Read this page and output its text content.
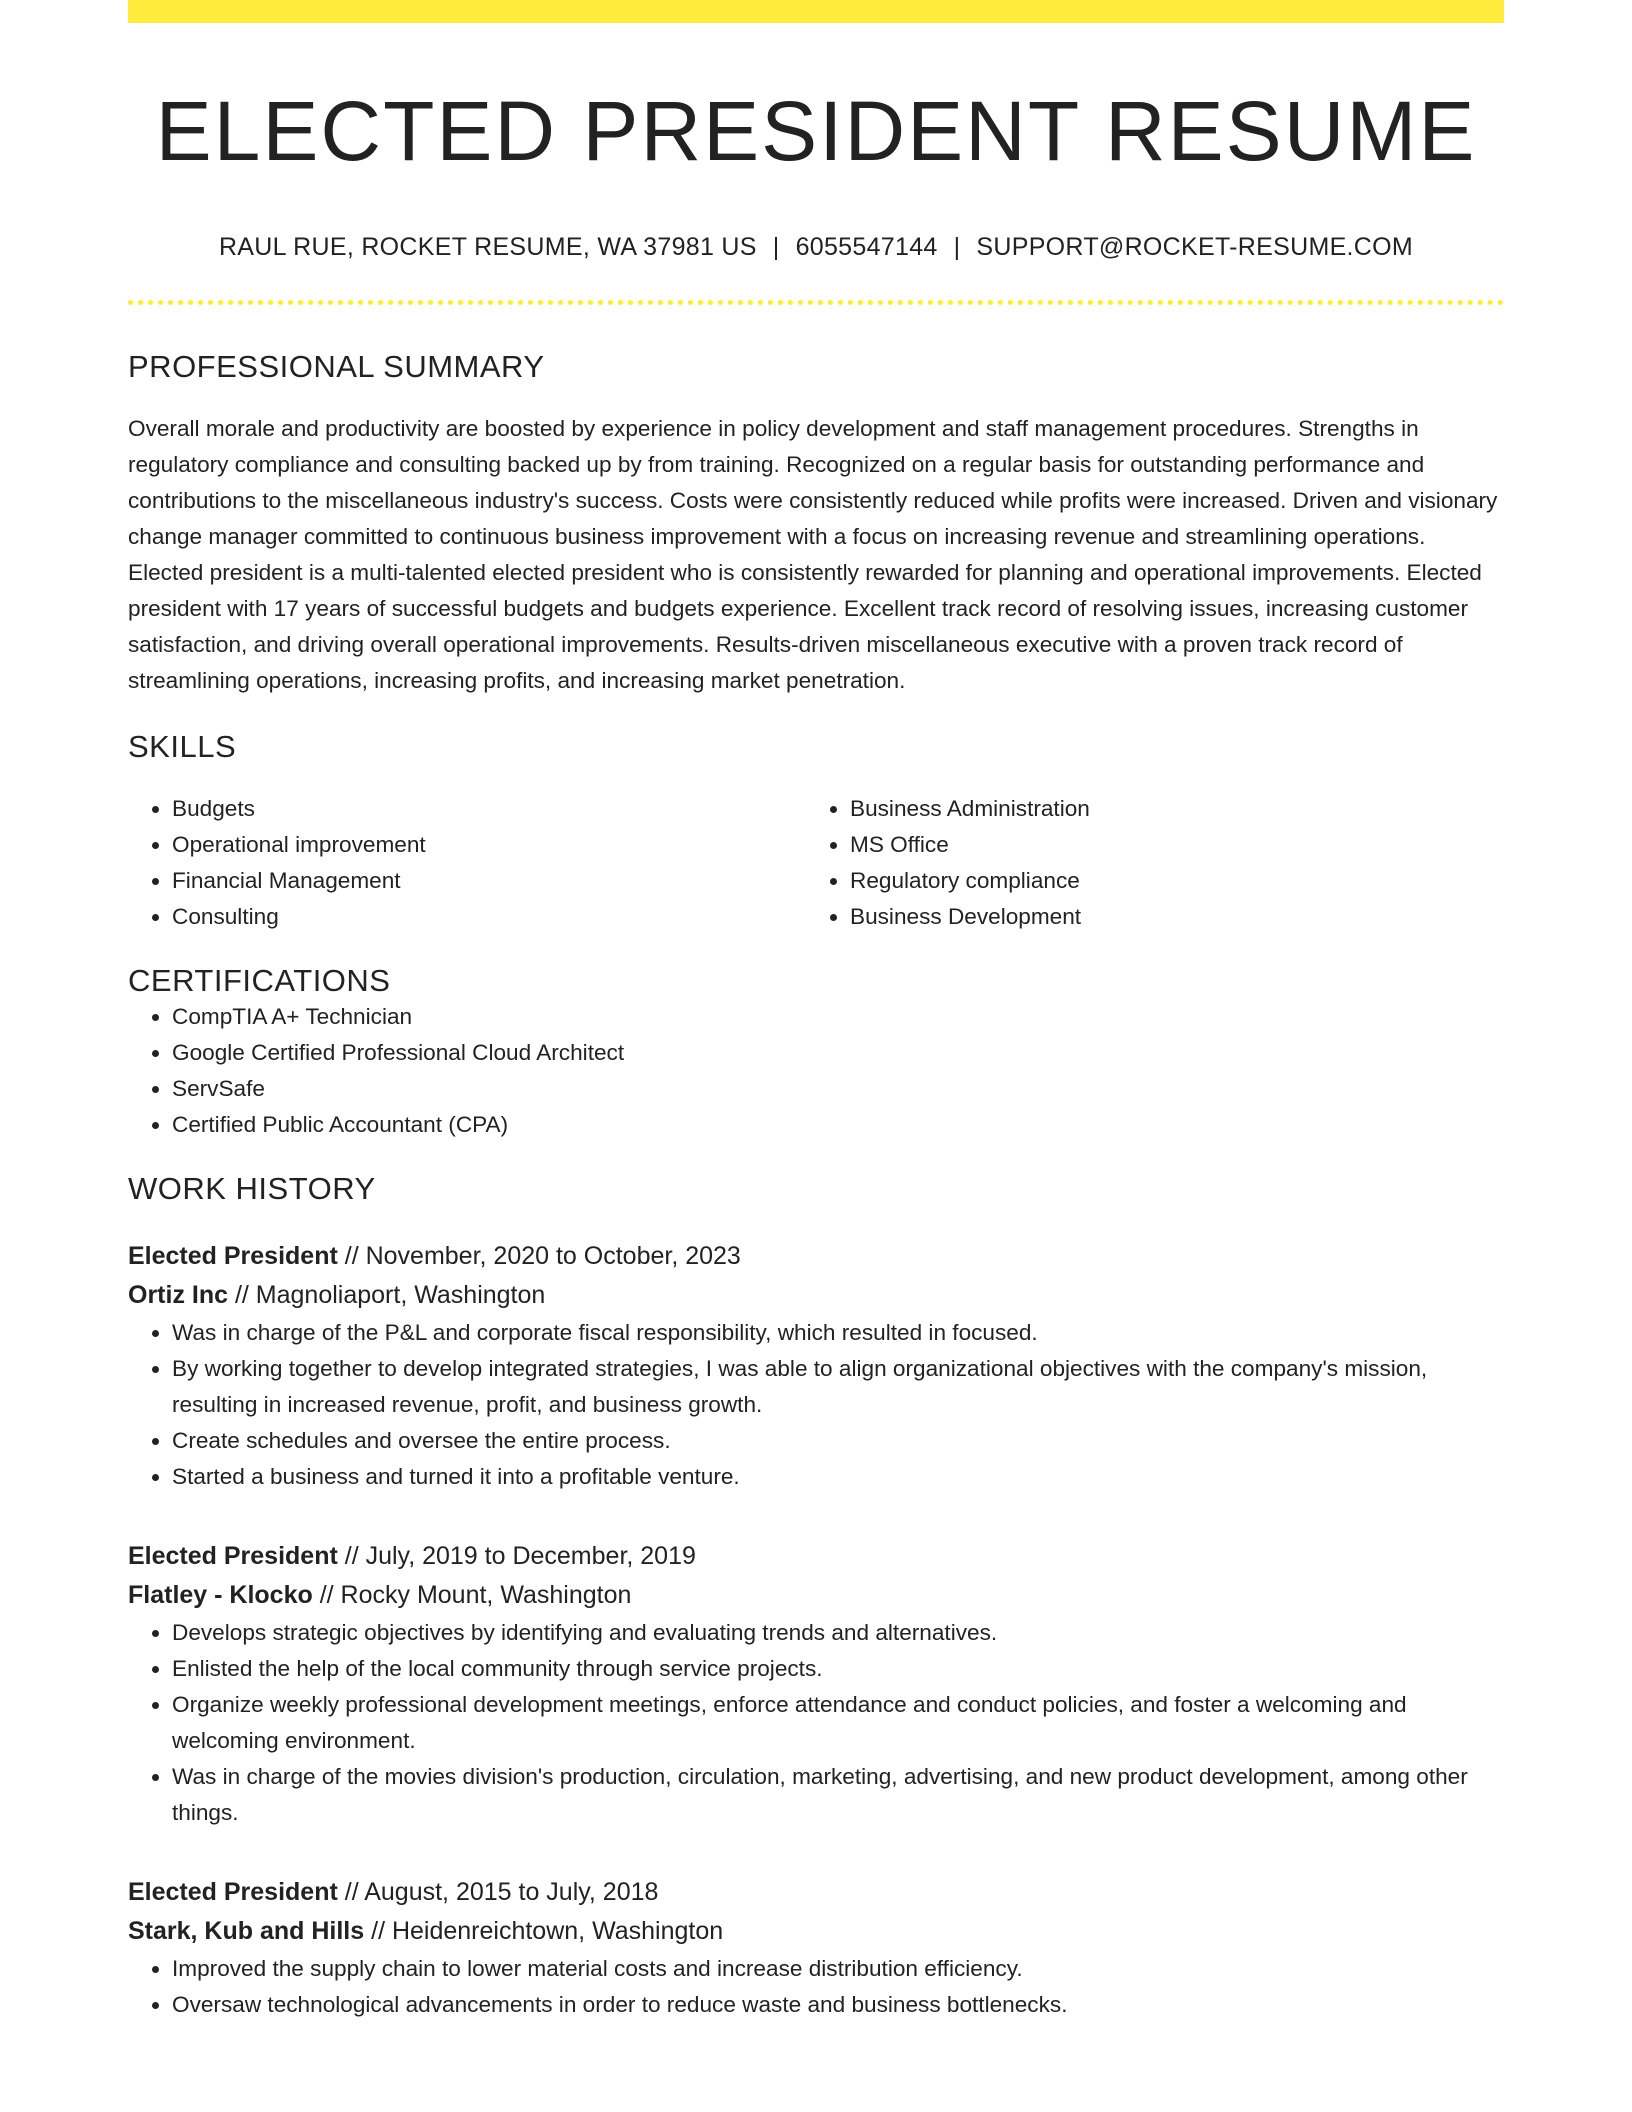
ELECTED PRESIDENT RESUME
RAUL RUE, ROCKET RESUME, WA 37981 US | 6055547144 | SUPPORT@ROCKET-RESUME.COM
PROFESSIONAL SUMMARY

Overall morale and productivity are boosted by experience in policy development and staff management procedures. Strengths in regulatory compliance and consulting backed up by from training. Recognized on a regular basis for outstanding performance and contributions to the miscellaneous industry's success. Costs were consistently reduced while profits were increased. Driven and visionary change manager committed to continuous business improvement with a focus on increasing revenue and streamlining operations. Elected president is a multi-talented elected president who is consistently rewarded for planning and operational improvements. Elected president with 17 years of successful budgets and budgets experience. Excellent track record of resolving issues, increasing customer satisfaction, and driving overall operational improvements. Results-driven miscellaneous executive with a proven track record of streamlining operations, increasing profits, and increasing market penetration.

SKILLS
• Budgets
• Operational improvement
• Financial Management
• Consulting
• Business Administration
• MS Office
• Regulatory compliance
• Business Development
CERTIFICATIONS
• CompTIA A+ Technician
• Google Certified Professional Cloud Architect
• ServSafe
• Certified Public Accountant (CPA)
WORK HISTORY
Elected President // November, 2020 to October, 2023
Ortiz Inc // Magnoliaport, Washington
• Was in charge of the P&L and corporate fiscal responsibility, which resulted in focused.
• By working together to develop integrated strategies, I was able to align organizational objectives with the company's mission, resulting in increased revenue, profit, and business growth.
• Create schedules and oversee the entire process.
• Started a business and turned it into a profitable venture.
Elected President // July, 2019 to December, 2019
Flatley - Klocko // Rocky Mount, Washington
• Develops strategic objectives by identifying and evaluating trends and alternatives.
• Enlisted the help of the local community through service projects.
• Organize weekly professional development meetings, enforce attendance and conduct policies, and foster a welcoming and welcoming environment.
• Was in charge of the movies division's production, circulation, marketing, advertising, and new product development, among other things.
Elected President // August, 2015 to July, 2018
Stark, Kub and Hills // Heidenreichtown, Washington
• Improved the supply chain to lower material costs and increase distribution efficiency.
• Oversaw technological advancements in order to reduce waste and business bottlenecks.
